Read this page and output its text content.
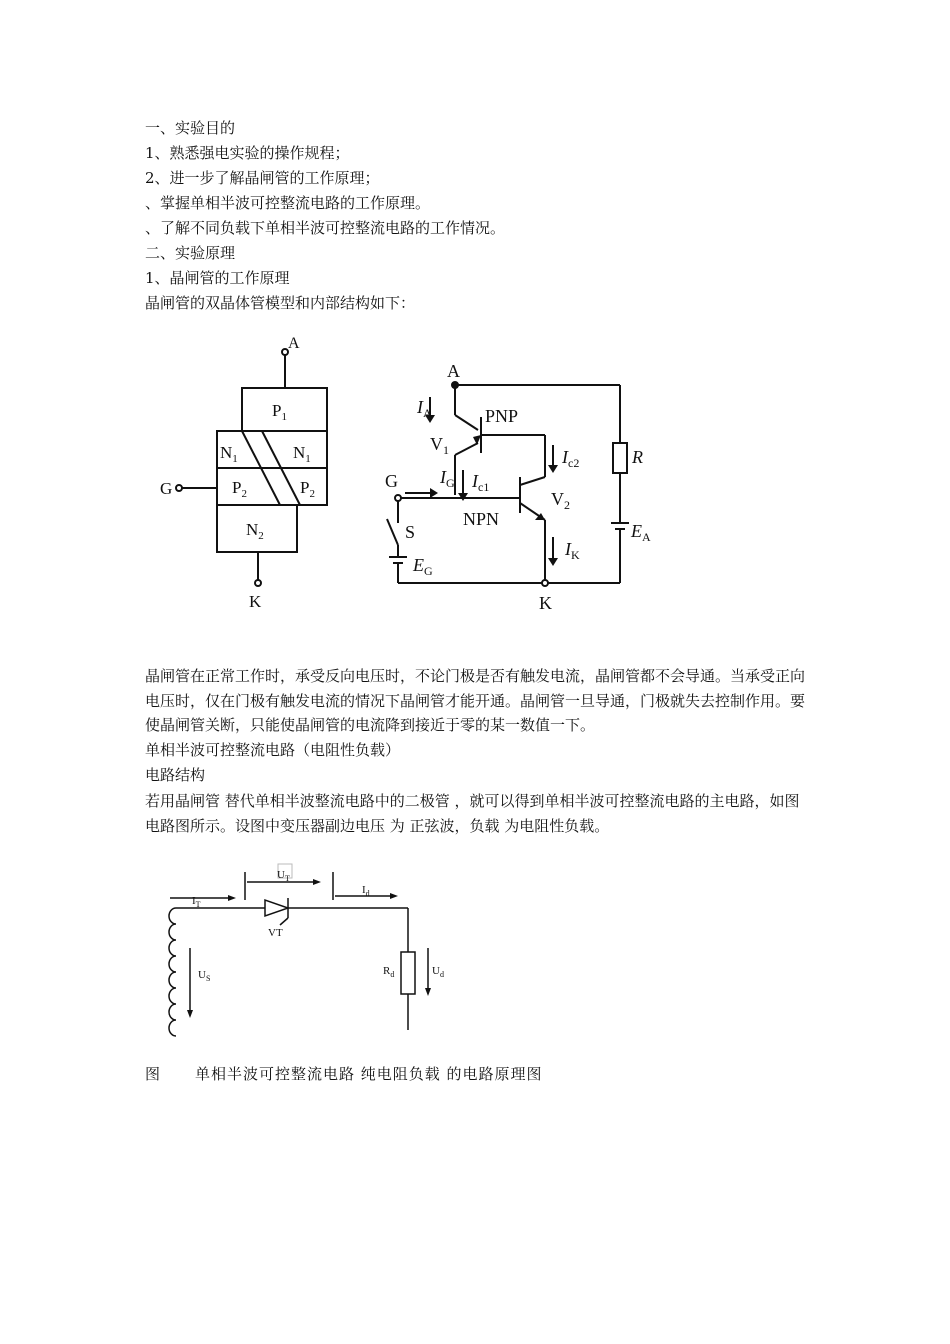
一、实验目的
1、熟悉强电实验的操作规程；
2、进一步了解晶闸管的工作原理；
、掌握单相半波可控整流电路的工作原理。
、了解不同负载下单相半波可控整流电路的工作情况。
二、实验原理
1、晶闸管的工作原理
晶闸管的双晶体管模型和内部结构如下：
A
G
K
$P_1$
$N_1$	$N_1$
$P_2$	$P_2$
$N_2$
A
K
G
S
$I_A$	PNP
$V_1$
$I_G$ $I_{c1}$
$I_{c2}$
NPN
$V_2$
$I_K$
R
$E_A$
$E_G$
晶闸管在正常工作时，承受反向电压时，不论门极是否有触发电流，晶闸管都不会导通。当承受正向电压时，仅在门极有触发电流的情况下晶闸管才能开通。晶闸管一旦导通，门极就失去控制作用。要使晶闸管关断，只能使晶闸管的电流降到接近于零的某一数值一下。
单相半波可控整流电路（电阻性负载）
电路结构
若用晶闸管 替代单相半波整流电路中的二极管 ，就可以得到单相半波可控整流电路的主电路，如图 电路图所示。设图中变压器副边电压 为 正弦波，负载 为电阻性负载。
$U_T$
$I_T$
$I_d$
VT
$U_S$
$R_d$	$U_d$
图 单相半波可控整流电路 纯电阻负载 的电路原理图
